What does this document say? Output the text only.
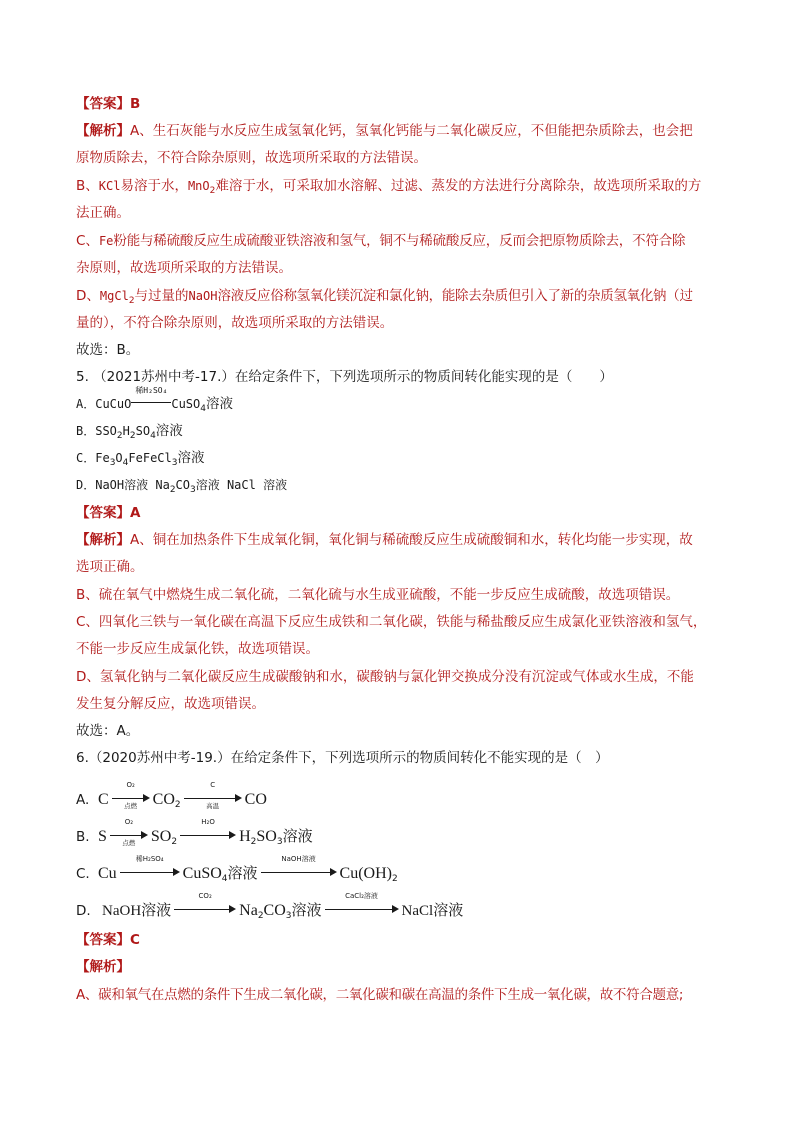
【答案】B
【解析】A、生石灰能与水反应生成氢氧化钙，氢氧化钙能与二氧化碳反应，不但能把杂质除去，也会把
原物质除去，不符合除杂原则，故选项所采取的方法错误。
B、KCl易溶于水，MnO$_2$难溶于水，可采取加水溶解、过滤、蒸发的方法进行分离除杂，故选项所采取的方
法正确。
C、Fe粉能与稀硫酸反应生成硫酸亚铁溶液和氢气，铜不与稀硫酸反应，反而会把原物质除去，不符合除
杂原则，故选项所采取的方法错误。
D、MgCl$_2$与过量的NaOH溶液反应俗称氢氧化镁沉淀和氯化钠，能除去杂质但引入了新的杂质氢氧化钠（过
量的），不符合除杂原则，故选项所采取的方法错误。
故选：B。
5. （2021苏州中考-17.）在给定条件下，下列选项所示的物质间转化能实现的是（　　）
A．CuCuO
稀H₂SO₄
CuSO$_4$溶液
B．$SSO_2H_2SO_4$溶液
C．$Fe_3O_4FeFeCl_3$溶液
D．NaOH溶液 $Na_2CO_3$溶液 NaCl 溶液
【答案】A
【解析】A、铜在加热条件下生成氧化铜，氧化铜与稀硫酸反应生成硫酸铜和水，转化均能一步实现，故
选项正确。
B、硫在氧气中燃烧生成二氧化硫，二氧化硫与水生成亚硫酸，不能一步反应生成硫酸，故选项错误。
C、四氧化三铁与一氧化碳在高温下反应生成铁和二氧化碳，铁能与稀盐酸反应生成氯化亚铁溶液和氢气，
不能一步反应生成氯化铁，故选项错误。
D、氢氧化钠与二氧化碳反应生成碳酸钠和水，碳酸钠与氯化钾交换成分没有沉淀或气体或水生成，不能
发生复分解反应，故选项错误。
故选：A。
6.（2020苏州中考-19.）在给定条件下，下列选项所示的物质间转化不能实现的是（　）
A. C
O₂
点燃 $CO_2$
C
高温	CO
B. S
O₂
点燃 $SO_2$
H₂O
$H_2SO_3$溶液
C. Cu
稀H₂SO₄
CuSO$_4$溶液
NaOH溶液
$Cu(OH)_2$
D. NaOH溶液
CO₂
$Na_2CO_3$溶液
CaCl₂溶液
NaCl溶液
【答案】C
【解析】
A、碳和氧气在点燃的条件下生成二氧化碳，二氧化碳和碳在高温的条件下生成一氧化碳，故不符合题意;
